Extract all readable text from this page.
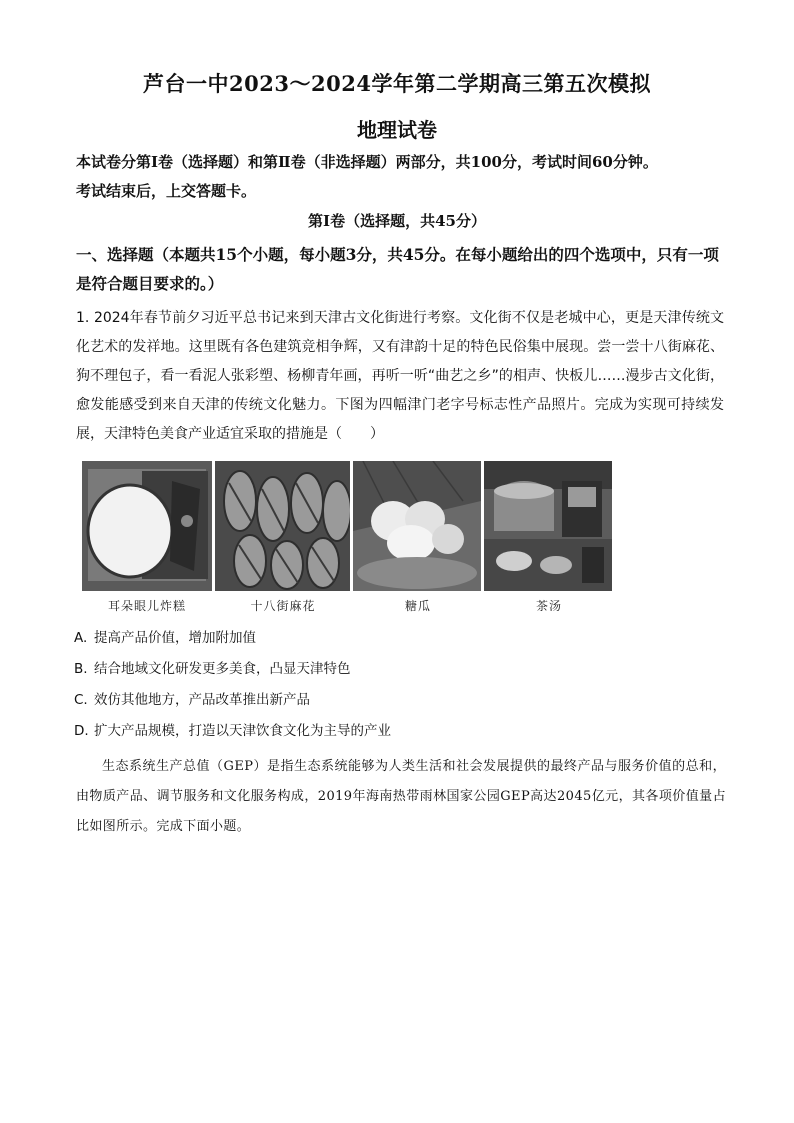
芦台一中2023～2024学年第二学期高三第五次模拟
地理试卷
本试卷分第Ⅰ卷（选择题）和第Ⅱ卷（非选择题）两部分，共100分，考试时间60分钟。
考试结束后，上交答题卡。
第Ⅰ卷（选择题，共45分）
一、选择题（本题共15个小题，每小题3分，共45分。在每小题给出的四个选项中，只有一项是符合题目要求的。）
1. 2024年春节前夕习近平总书记来到天津古文化街进行考察。文化街不仅是老城中心，更是天津传统文化艺术的发祥地。这里既有各色建筑竞相争辉，又有津韵十足的特色民俗集中展现。尝一尝十八街麻花、狗不理包子，看一看泥人张彩塑、杨柳青年画，再听一听“曲艺之乡”的相声、快板儿……漫步古文化街，愈发能感受到来自天津的传统文化魅力。下图为四幅津门老字号标志性产品照片。完成为实现可持续发展，天津特色美食产业适宜采取的措施是（　　）
耳朵眼儿炸糕	十八街麻花	糖瓜	茶汤
A. 提高产品价值，增加附加值
B. 结合地域文化研发更多美食，凸显天津特色
C. 效仿其他地方，产品改革推出新产品
D. 扩大产品规模，打造以天津饮食文化为主导的产业
生态系统生产总值（GEP）是指生态系统能够为人类生活和社会发展提供的最终产品与服务价值的总和，由物质产品、调节服务和文化服务构成，2019年海南热带雨林国家公园GEP高达2045亿元，其各项价值量占比如图所示。完成下面小题。
